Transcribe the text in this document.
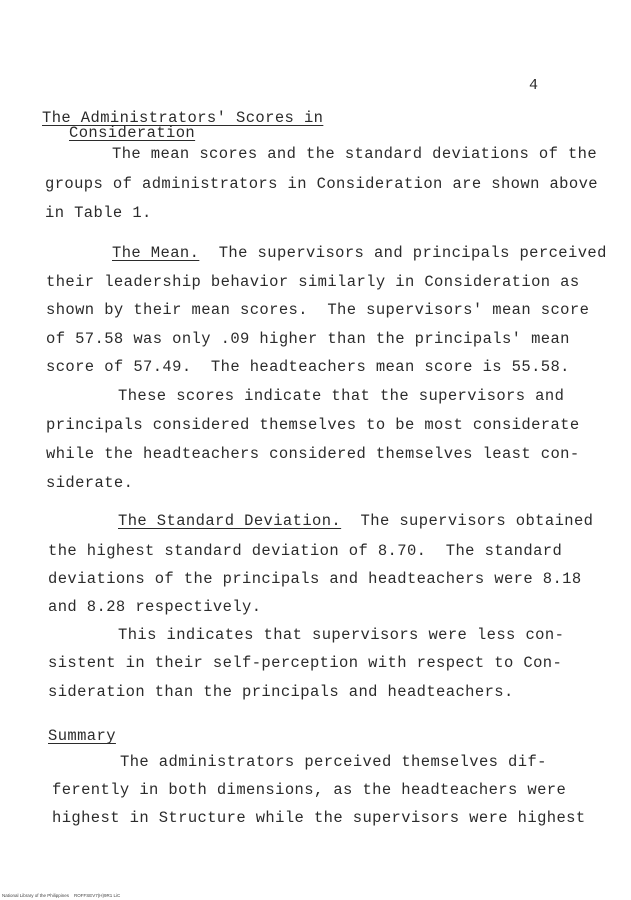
4
The Administrators' Scores in
Consideration
The mean scores and the standard deviations of the
groups of administrators in Consideration are shown above
in Table 1.
The Mean. The supervisors and principals perceived
their leadership behavior similarly in Consideration as
shown by their mean scores.  The supervisors' mean score
of 57.58 was only .09 higher than the principals' mean
score of 57.49.  The headteachers mean score is 55.58.
These scores indicate that the supervisors and
principals considered themselves to be most considerate
while the headteachers considered themselves least con-
siderate.
The Standard Deviation. The supervisors obtained
the highest standard deviation of 8.70.  The standard
deviations of the principals and headteachers were 8.18
and 8.28 respectively.
This indicates that supervisors were less con-
sistent in their self-perception with respect to Con-
sideration than the principals and headteachers.
Summary
The administrators perceived themselves dif-
ferently in both dimensions, as the headteachers were
highest in Structure while the supervisors were highest
National Library of the Philippines    ROFFSEV7(H)9R1 LiC
